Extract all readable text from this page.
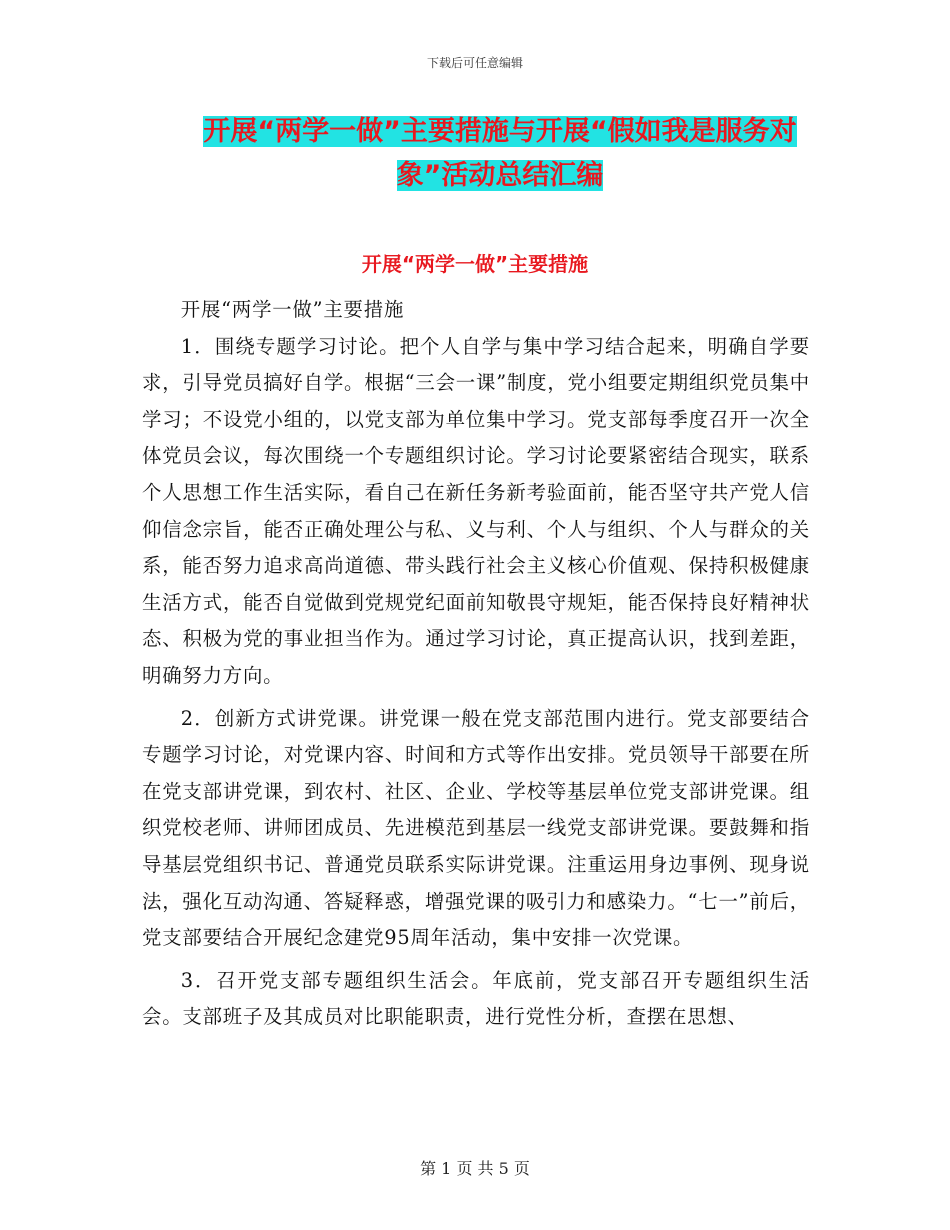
下载后可任意编辑
开展“两学一做”主要措施与开展“假如我是服务对象”活动总结汇编
开展“两学一做”主要措施

开展“两学一做”主要措施

1．围绕专题学习讨论。把个人自学与集中学习结合起来，明确自学要求，引导党员搞好自学。根据“三会一课”制度，党小组要定期组织党员集中学习；不设党小组的，以党支部为单位集中学习。党支部每季度召开一次全体党员会议，每次围绕一个专题组织讨论。学习讨论要紧密结合现实，联系个人思想工作生活实际，看自己在新任务新考验面前，能否坚守共产党人信仰信念宗旨，能否正确处理公与私、义与利、个人与组织、个人与群众的关系，能否努力追求高尚道德、带头践行社会主义核心价值观、保持积极健康生活方式，能否自觉做到党规党纪面前知敬畏守规矩，能否保持良好精神状态、积极为党的事业担当作为。通过学习讨论，真正提高认识，找到差距，明确努力方向。

2．创新方式讲党课。讲党课一般在党支部范围内进行。党支部要结合专题学习讨论，对党课内容、时间和方式等作出安排。党员领导干部要在所在党支部讲党课，到农村、社区、企业、学校等基层单位党支部讲党课。组织党校老师、讲师团成员、先进模范到基层一线党支部讲党课。要鼓舞和指导基层党组织书记、普通党员联系实际讲党课。注重运用身边事例、现身说法，强化互动沟通、答疑释惑，增强党课的吸引力和感染力。“七一”前后，党支部要结合开展纪念建党95周年活动，集中安排一次党课。

3．召开党支部专题组织生活会。年底前，党支部召开专题组织生活会。支部班子及其成员对比职能职责，进行党性分析，查摆在思想、

第 1 页 共 5 页
